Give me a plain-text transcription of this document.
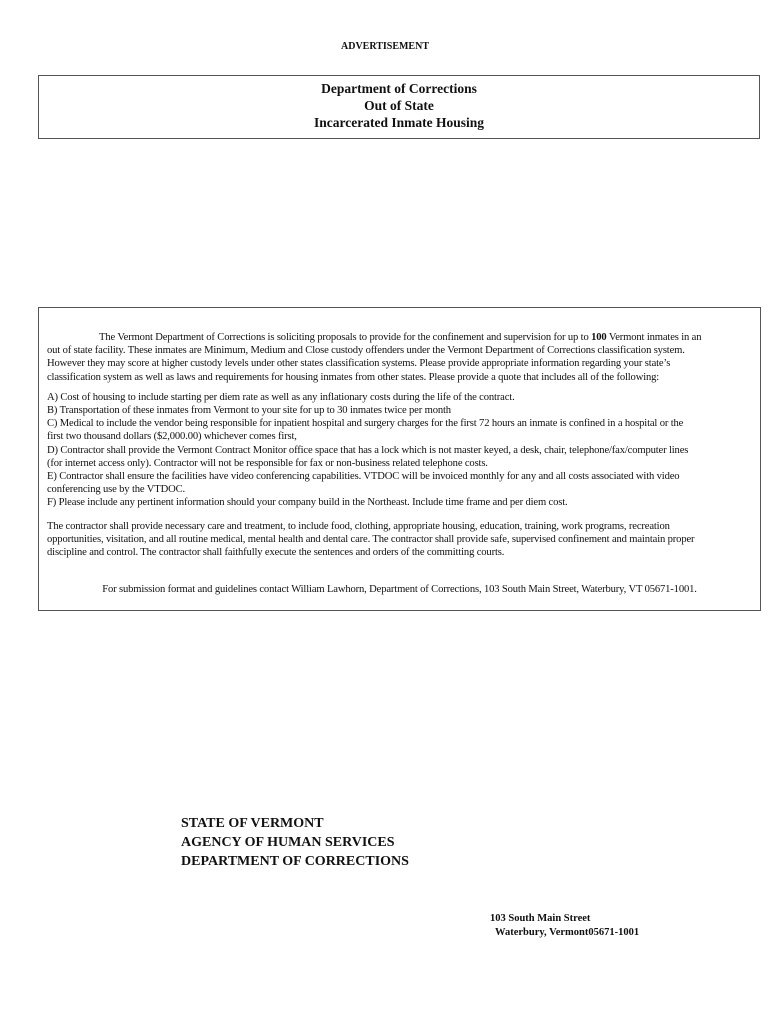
ADVERTISEMENT
Department of Corrections
Out of State
Incarcerated Inmate Housing
The Vermont Department of Corrections is soliciting proposals to provide for the confinement and supervision for up to 100 Vermont inmates in an
out of state facility. These inmates are Minimum, Medium and Close custody offenders under the Vermont Department of Corrections classification system.
However they may score at higher custody levels under other states classification systems. Please provide appropriate information regarding your state’s
classification system as well as laws and requirements for housing inmates from other states. Please provide a quote that includes all of the following:
A) Cost of housing to include starting per diem rate as well as any inflationary costs during the life of the contract.
B) Transportation of these inmates from Vermont to your site for up to 30 inmates twice per month
C) Medical to include the vendor being responsible for inpatient hospital and surgery charges for the first 72 hours an inmate is confined in a hospital or the
first two thousand dollars ($2,000.00) whichever comes first,
D) Contractor shall provide the Vermont Contract Monitor office space that has a lock which is not master keyed, a desk, chair, telephone/fax/computer lines
(for internet access only). Contractor will not be responsible for fax or non-business related telephone costs.
E) Contractor shall ensure the facilities have video conferencing capabilities. VTDOC will be invoiced monthly for any and all costs associated with video
conferencing use by the VTDOC.
F) Please include any pertinent information should your company build in the Northeast. Include time frame and per diem cost.
The contractor shall provide necessary care and treatment, to include food, clothing, appropriate housing, education, training, work programs, recreation
opportunities, visitation, and all routine medical, mental health and dental care. The contractor shall provide safe, supervised confinement and maintain proper
discipline and control. The contractor shall faithfully execute the sentences and orders of the committing courts.
For submission format and guidelines contact William Lawhorn, Department of Corrections, 103 South Main Street, Waterbury, VT 05671-1001.
STATE OF VERMONT
AGENCY OF HUMAN SERVICES
DEPARTMENT OF CORRECTIONS
103 South Main Street
Waterbury, Vermont05671-1001
